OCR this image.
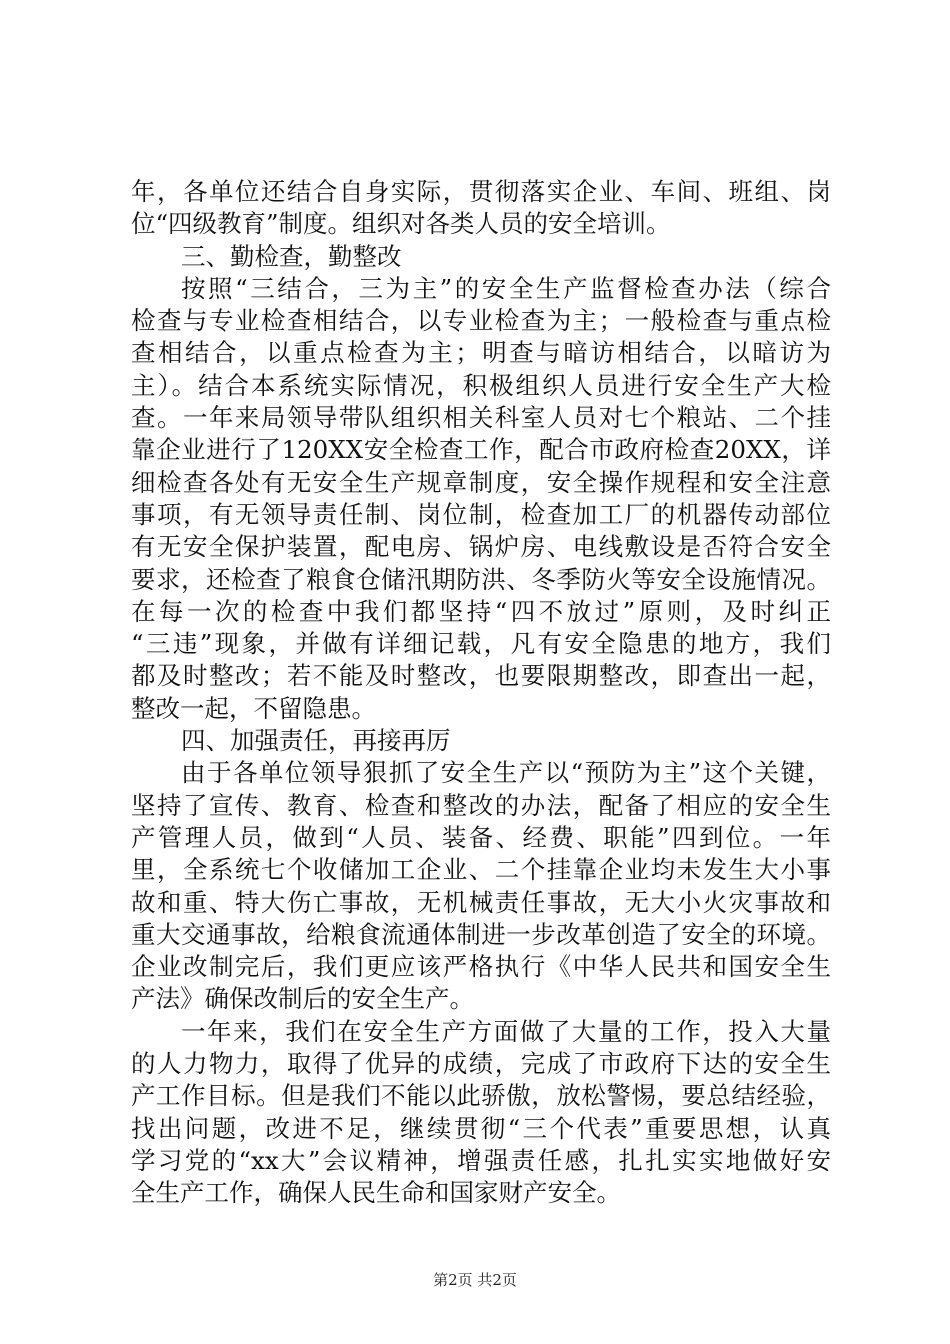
年，各单位还结合自身实际，贯彻落实企业、车间、班组、岗
位“四级教育”制度。组织对各类人员的安全培训。
三、勤检查，勤整改
按照“三结合，三为主”的安全生产监督检查办法（综合
检查与专业检查相结合，以专业检查为主；一般检查与重点检
查相结合，以重点检查为主；明查与暗访相结合，以暗访为
主）。结合本系统实际情况，积极组织人员进行安全生产大检
查。一年来局领导带队组织相关科室人员对七个粮站、二个挂
靠企业进行了120XX安全检查工作，配合市政府检查20XX，详
细检查各处有无安全生产规章制度，安全操作规程和安全注意
事项，有无领导责任制、岗位制，检查加工厂的机器传动部位
有无安全保护装置，配电房、锅炉房、电线敷设是否符合安全
要求，还检查了粮食仓储汛期防洪、冬季防火等安全设施情况。
在每一次的检查中我们都坚持“四不放过”原则，及时纠正
“三违”现象，并做有详细记载，凡有安全隐患的地方，我们
都及时整改；若不能及时整改，也要限期整改，即查出一起，
整改一起，不留隐患。
四、加强责任，再接再厉
由于各单位领导狠抓了安全生产以“预防为主”这个关键，
坚持了宣传、教育、检查和整改的办法，配备了相应的安全生
产管理人员，做到“人员、装备、经费、职能”四到位。一年
里，全系统七个收储加工企业、二个挂靠企业均未发生大小事
故和重、特大伤亡事故，无机械责任事故，无大小火灾事故和
重大交通事故，给粮食流通体制进一步改革创造了安全的环境。
企业改制完后，我们更应该严格执行《中华人民共和国安全生
产法》确保改制后的安全生产。
一年来，我们在安全生产方面做了大量的工作，投入大量
的人力物力，取得了优异的成绩，完成了市政府下达的安全生
产工作目标。但是我们不能以此骄傲，放松警惕，要总结经验，
找出问题，改进不足，继续贯彻“三个代表”重要思想，认真
学习党的“xx大”会议精神，增强责任感，扎扎实实地做好安
全生产工作，确保人民生命和国家财产安全。
第2页 共2页
